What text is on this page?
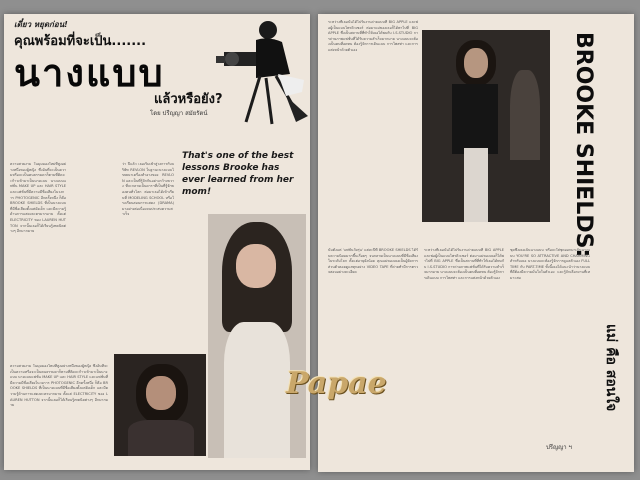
เดี๋ยว หยุดก่อน!
คุณพร้อมที่จะเป็น.......
นางแบบ
แล้วหรือยัง?
โดย ปรีญญา สมัยรัตน์
ความสวยงาม ในมุมมองใหม่ที่สูงอย่างหนึ่งของผู้หญิง ซึ่งอันที่จะเป็นความหรือจะเป็นคนธรรมดาก็ตามที่คิดจะก้าวเข้ามาเป็นนางแบบ นางแบบแฟชั่น MAKE UP และ HAIR STYLE และแฟชั่นที่มีความมีชื่อเสียงในวงการ PHOTOGENIC อีกครั้งหนึ่ง ก็คือ BROOKE SHIELDS ที่เป็นนางแบบที่มีชื่อเสียงตั้งแต่ยังเด็ก และมีความรู้ด้านการแสดงละครมากมาย ตั้งแต่ ELECTRICITY ของ LAUREN HUTTON จากนั้นเธอก็ได้เรียนรู้เทคนิคต่างๆ อีกมากมาย
ว่า ปีแล้ว เธอเริ่มเข้าสู่วงการกับบริษัท REVLON ในฐานะนางแบบโฆษณาเครื่องสำอางของ REVLON และเป็นที่รู้จักกันอย่างกว้างขวาง ที่จะกลายเป็นดาราที่เป็นที่รู้จักของคนทั่วโลก ต่อมาเธอได้เข้าเรียนที่ MODELING SCHOOL หรือโรงเรียนสอนการแสดง (DRAMA) มาอย่างต่อเนื่องจนประสบความสำเร็จ
That's one of the best lessons Brooke has ever learned from her mom!
ความสวยงาม ในมุมมองใหม่ที่สูงอย่างหนึ่งของผู้หญิง ซึ่งอันที่จะเป็นความหรือจะเป็นคนธรรมดาก็ตามที่คิดจะก้าวเข้ามาเป็นนางแบบ นางแบบแฟชั่น MAKE UP และ HAIR STYLE และแฟชั่นที่มีความมีชื่อเสียงในวงการ PHOTOGENIC อีกครั้งหนึ่ง ก็คือ BROOKE SHIELDS ที่เป็นนางแบบที่มีชื่อเสียงตั้งแต่ยังเด็ก และมีความรู้ด้านการแสดงละครมากมาย ตั้งแต่ ELECTRICITY ของ LAUREN HUTTON จากนั้นเธอก็ได้เรียนรู้เทคนิคต่างๆ อีกมากมาย
ระหว่างที่เธอนั้นได้ไปรับงานถ่ายแบบที่ BIG APPLE และพ่อผู้เป็นแบบโพรดิวเซอร์ ต่อมาแม่ของเธอก็ได้พาไปที่ BIG APPLE ซึ่งเป็นสถานที่ที่ทำให้เธอได้พบกับ I.S.STUDIO การถ่ายภาพแฟชั่นที่ได้รับความสำเร็จมากมาย นางแบบจะต้องเป็นคนที่อดทน ต้องรู้จักการเดินแบบ การโพสท่า และการแต่งหน้าด้วยตัวเอง	BROOKE SHIELDS:
แม่ คือ สอนใจ
นับตั้งแต่ 'แฟชั่นวัยรุ่น' แต่ละปีที่ BROOKE SHIELDS ได้รับความนิยมมากขึ้นเรื่อยๆ จนกลายเป็นนางแบบที่มีชื่อเสียงในระดับโลก ตั้งแต่อายุยังน้อย คุณแม่ของเธอเป็นผู้จัดการส่วนตัวคอยดูแลทุกอย่าง VIDEO TAPE ที่ถ่ายทำมีการตรวจสอบอย่างละเอียด
ระหว่างที่เธอนั้นได้ไปรับงานถ่ายแบบที่ BIG APPLE และพ่อผู้เป็นแบบโพรดิวเซอร์ ต่อมาแม่ของเธอก็ได้พาไปที่ BIG APPLE ซึ่งเป็นสถานที่ที่ทำให้เธอได้พบกับ I.S.STUDIO การถ่ายภาพแฟชั่นที่ได้รับความสำเร็จมากมาย นางแบบจะต้องเป็นคนที่อดทน ต้องรู้จักการเดินแบบ การโพสท่า และการแต่งหน้าด้วยตัวเอง
ชุดซึ่งเธอเป็นนางแบบ หรือจะใส่ชุดออกมาเป็นนางแบบ YOU'RE SO ATTRACTIVE AND CHARMING สำหรับเธอ นางแบบจะต้องรู้จักการดูแลตัวเอง FULL TIME กับ PART-TIME ทั้งนี้เธอได้แนะนำว่านางแบบที่ดีต้องมีความมั่นใจในตัวเอง และรู้จักเลือกงานที่เหมาะสม
ปรีญญา ฯ
Papae
